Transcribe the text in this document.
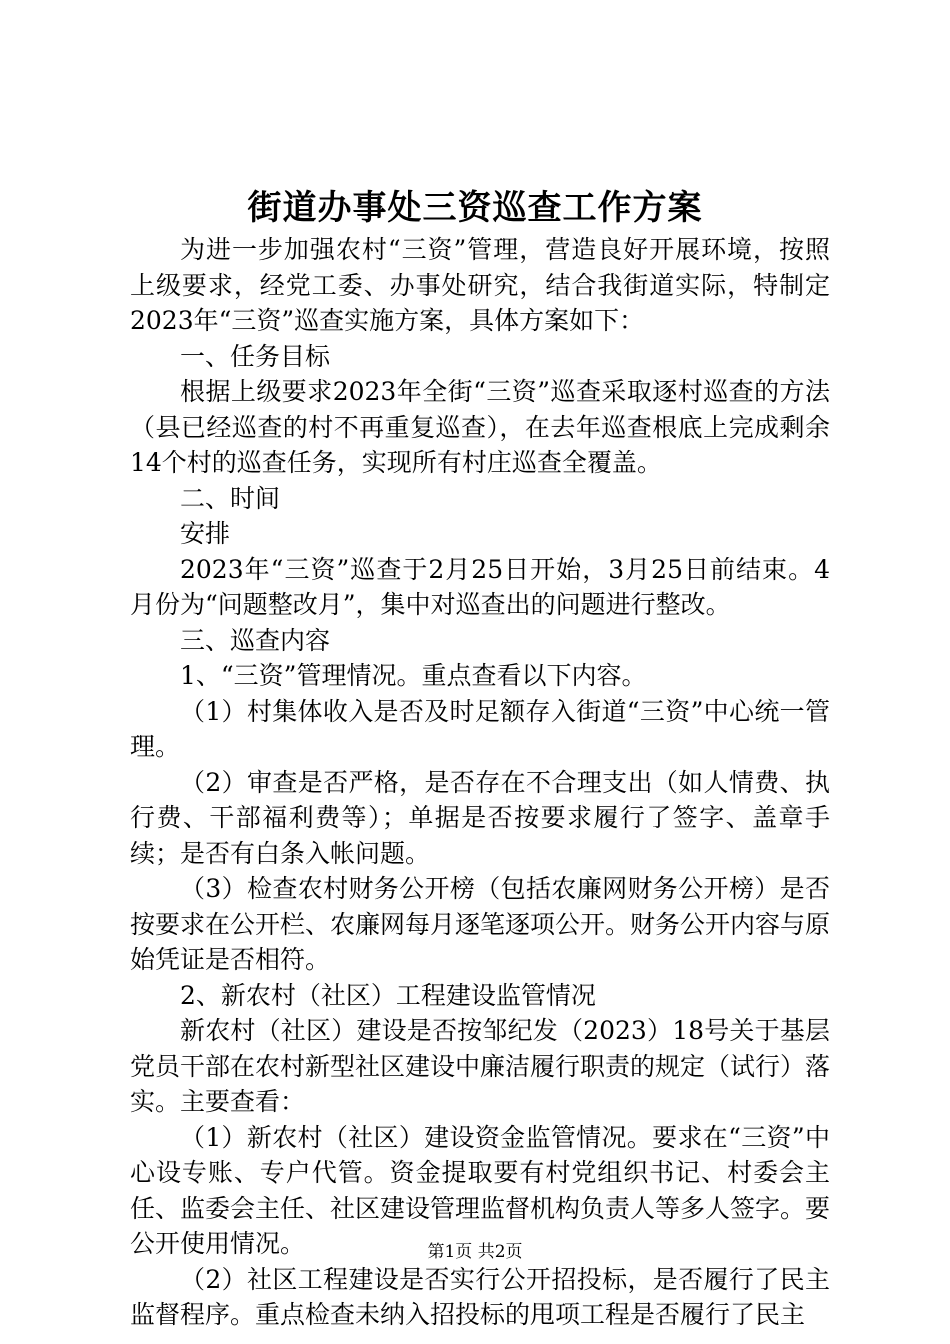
街道办事处三资巡查工作方案

为进一步加强农村“三资”管理，营造良好开展环境，按照上级要求，经党工委、办事处研究，结合我街道实际，特制定2023年“三资”巡查实施方案，具体方案如下：

一、任务目标

根据上级要求2023年全街“三资”巡查采取逐村巡查的方法（县已经巡查的村不再重复巡查），在去年巡查根底上完成剩余14个村的巡查任务，实现所有村庄巡查全覆盖。

二、时间

安排

2023年“三资”巡查于2月25日开始，3月25日前结束。4月份为“问题整改月”，集中对巡查出的问题进行整改。

三、巡查内容

1、“三资”管理情况。重点查看以下内容。

（1）村集体收入是否及时足额存入街道“三资”中心统一管理。

（2）审查是否严格，是否存在不合理支出（如人情费、执行费、干部福利费等）；单据是否按要求履行了签字、盖章手续；是否有白条入帐问题。

（3）检查农村财务公开榜（包括农廉网财务公开榜）是否按要求在公开栏、农廉网每月逐笔逐项公开。财务公开内容与原始凭证是否相符。

2、新农村（社区）工程建设监管情况

新农村（社区）建设是否按邹纪发（2023）18号关于基层党员干部在农村新型社区建设中廉洁履行职责的规定（试行）落实。主要查看：

（1）新农村（社区）建设资金监管情况。要求在“三资”中心设专账、专户代管。资金提取要有村党组织书记、村委会主任、监委会主任、社区建设管理监督机构负责人等多人签字。要公开使用情况。

（2）社区工程建设是否实行公开招投标，是否履行了民主监督程序。重点检查未纳入招投标的甩项工程是否履行了民主

第1页 共2页
